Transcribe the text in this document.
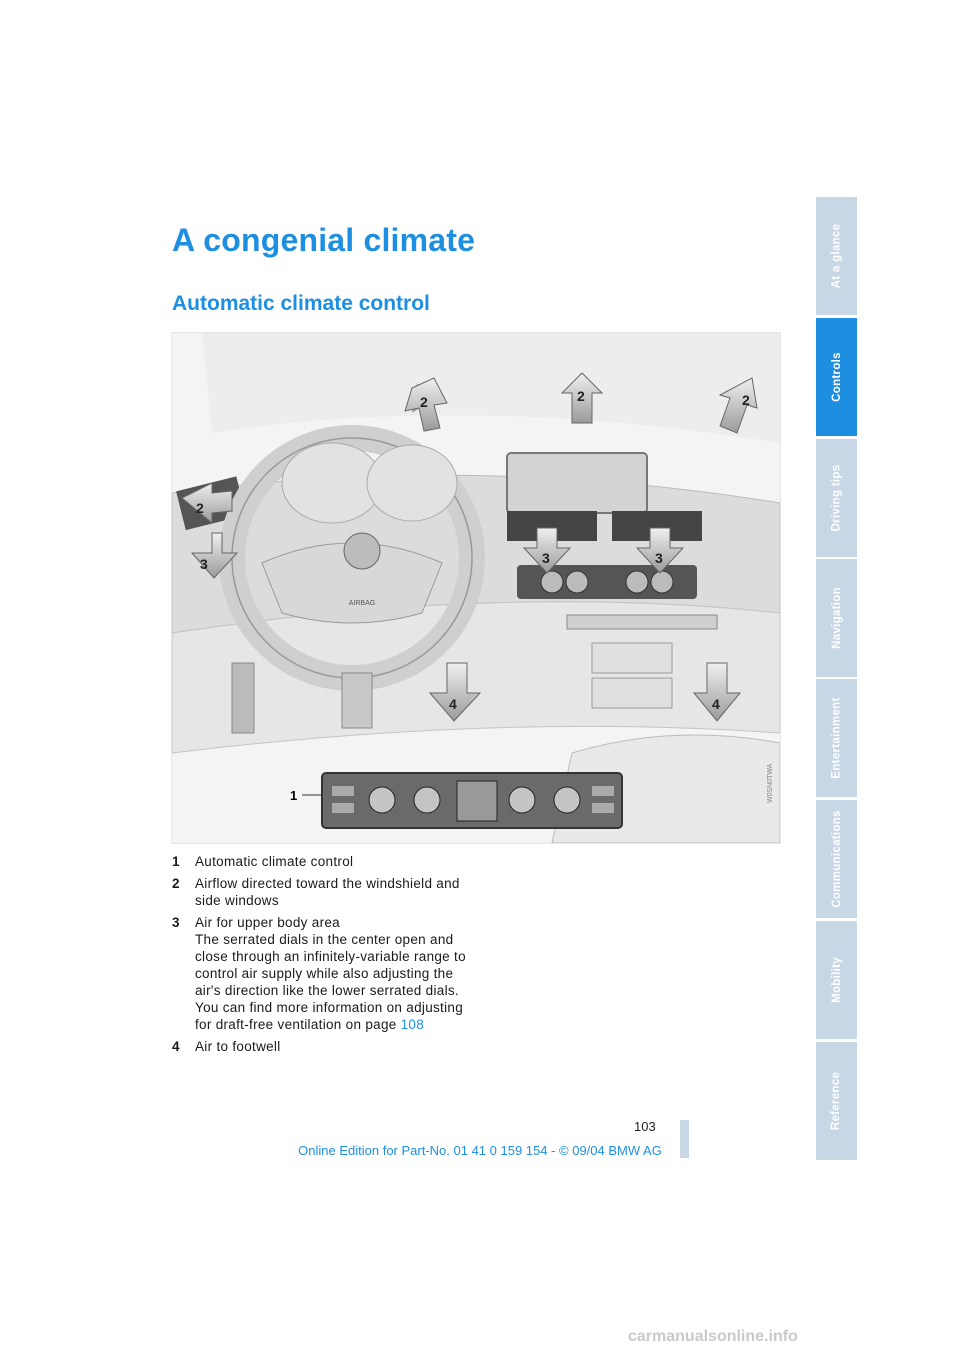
A congenial climate
Automatic climate control
AIRBAG
1
2	2	2
2
3	3	3
4	4
W0SN0TWA
1	Automatic climate control
2	Airflow directed toward the windshield and side windows
3	Air for upper body area
The serrated dials in the center open and close through an infinitely-variable range to control air supply while also adjusting the air's direction like the lower serrated dials. You can find more information on adjusting for draft-free ventilation on page 108
4	Air to footwell
At a glance
Controls
Driving tips
Navigation
Entertainment
Communications
Mobility
Reference
103
Online Edition for Part-No. 01 41 0 159 154 - © 09/04 BMW AG
carmanualsonline.info
